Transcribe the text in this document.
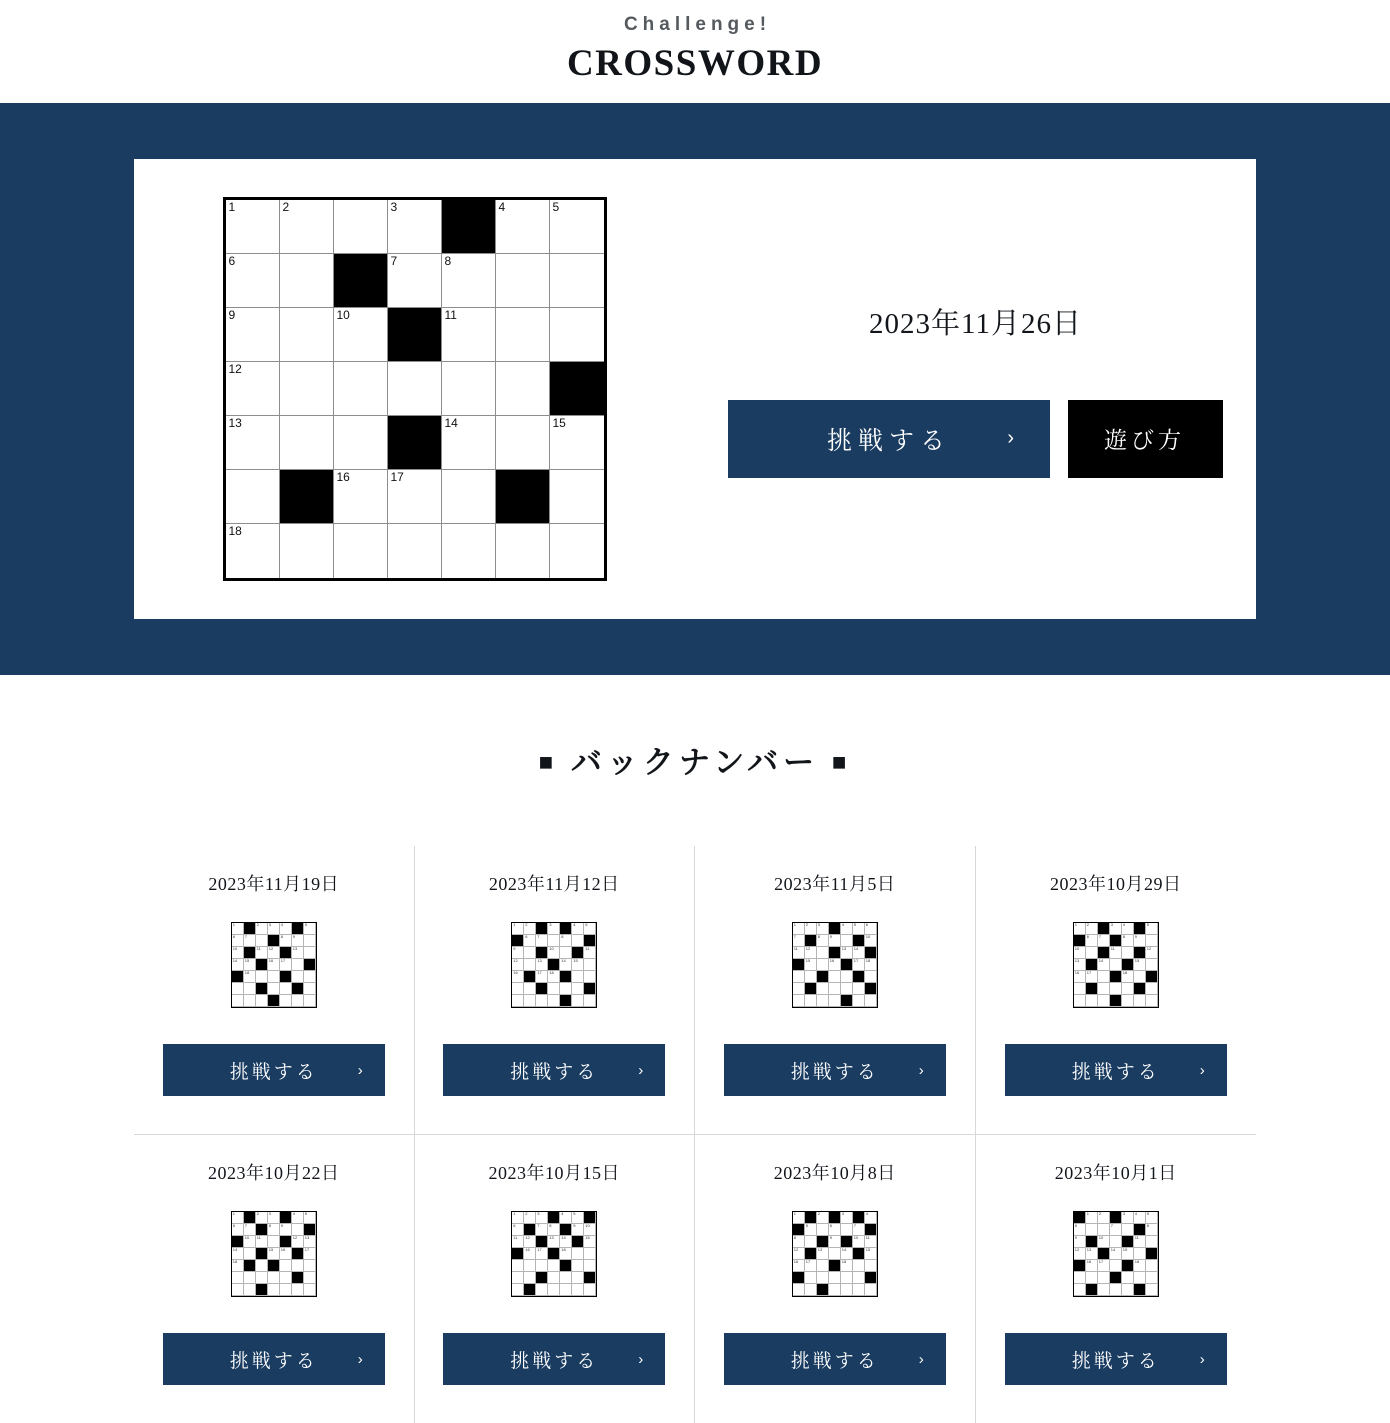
Challenge!

CROSSWORD
1	2	3	4	5
6	7	8
9	10	11
12
13	14	15
16	17
18
2023年11月26日
挑戦する	›	遊び方
■ バックナンバー ■
2023年11月19日
1	2 3 4	5
6 7	8 9
10	11 12	13
14 15	16 17
18
挑戦する	›
2023年11月12日
1 2	3	4 5
6 7	8
9	10	11
12	13	14 15
16	17 18
挑戦する	›
2023年11月5日
1 2 3	4 5 6
7	8 9	10
11 12	13 14
15	16	17 18
挑戦する	›
2023年10月29日
1 2	3 4	5
6 7	8 9
10	11	12
13	14	15
16 17	18
挑戦する	›
2023年10月22日
1	2 3	4 5
6 7	8 9
10 11	12 13
14	15 16	17
18
挑戦する	›
2023年10月15日
1 2 3	4 5
6	7 8	9 10
11 12	13 14	15
16 17	18
挑戦する	›
2023年10月8日
1	2	3	4
5	6	7
8	9	10 11
12	13	14	15
16 17	18
挑戦する	›
2023年10月1日
1 2	3 4 5
6	7	8
9	10	11
12 13	14 15
16 17	18
挑戦する	›
